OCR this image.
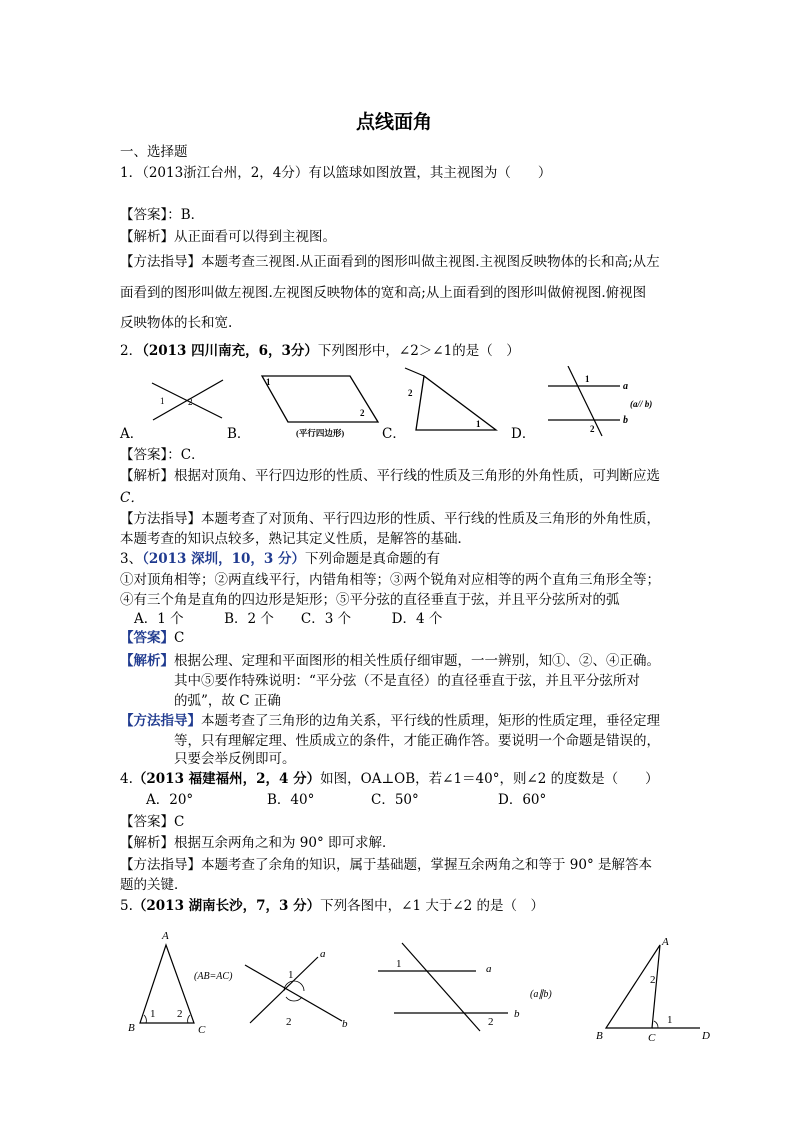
点线面角
一、选择题
1．（2013浙江台州，2，4分）有以篮球如图放置，其主视图为（　　）
【答案】：B．
【解析】从正面看可以得到主视图。
【方法指导】本题考查三视图.从正面看到的图形叫做主视图.主视图反映物体的长和高;从左
面看到的图形叫做左视图.左视图反映物体的宽和高;从上面看到的图形叫做俯视图.俯视图
反映物体的长和宽.
2．（2013 四川南充，6，3分）下列图形中，∠2＞∠1的是（　）
1	2
1
2
(平行四边形)
2
1
1
2
a
b
(a// b)
A．	B．	C．	D．
【答案】：C．
【解析】根据对顶角、平行四边形的性质、平行线的性质及三角形的外角性质，可判断应选
C．
【方法指导】本题考查了对顶角、平行四边形的性质、平行线的性质及三角形的外角性质，
本题考查的知识点较多，熟记其定义性质，是解答的基础．
3、（2013 深圳，10，3 分）下列命题是真命题的有
①对顶角相等；②两直线平行，内错角相等；③两个锐角对应相等的两个直角三角形全等；
④有三个角是直角的四边形是矩形；⑤平分弦的直径垂直于弦，并且平分弦所对的弧
A．1 个　　　B．2 个　　C．3 个　　　D．4 个
【答案】C
【解析】根据公理、定理和平面图形的相关性质仔细审题，一一辨别，知①、②、④正确。
其中⑤要作特殊说明：“平分弦（不是直径）的直径垂直于弦，并且平分弦所对
的弧”，故 C 正确
【方法指导】本题考查了三角形的边角关系，平行线的性质理，矩形的性质定理，垂径定理
等，只有理解定理、性质成立的条件，才能正确作答。要说明一个命题是错误的，
只要会举反例即可。
4.（2013 福建福州，2，4 分）如图，OA⊥OB，若∠1＝40°，则∠2 的度数是（　　）
A．20°	B．40°	C．50°	D．60°
【答案】C
【解析】根据互余两角之和为 90° 即可求解．
【方法指导】本题考查了余角的知识，属于基础题，掌握互余两角之和等于 90° 是解答本
题的关键．
5.（2013 湖南长沙，7，3 分）下列各图中，∠1 大于∠2 的是（　）
A
B	C
1 2
(AB=AC)	1
2
a
b
1
2
a
b
(a∥b)
A
2
1
B	C	D
